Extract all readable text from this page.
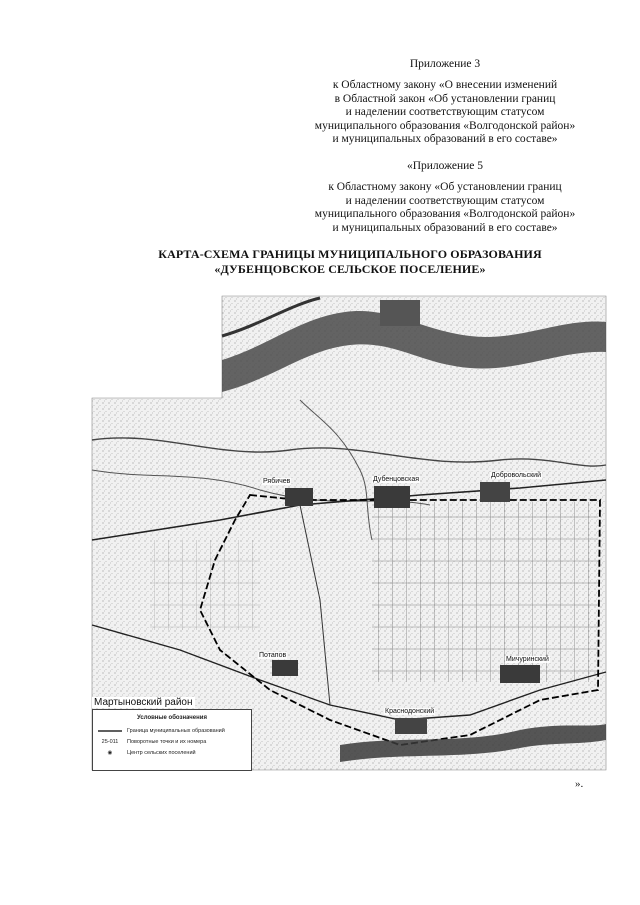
Приложение 3
к Областному закону «О внесении изменений
в Областной закон «Об установлении границ
и наделении соответствующим статусом
муниципального образования «Волгодонской район»
и муниципальных образований в его составе»
«Приложение 5
к Областному закону «Об установлении границ
и наделении соответствующим статусом
муниципального образования «Волгодонской район»
и муниципальных образований в его составе»
КАРТА-СХЕМА ГРАНИЦЫ МУНИЦИПАЛЬНОГО ОБРАЗОВАНИЯ
«ДУБЕНЦОВСКОЕ СЕЛЬСКОЕ ПОСЕЛЕНИЕ»
Рябичев	Дубенцовская
Добровольский
Потапов
Мичуринский
Краснодонский
Мартыновский район
Условные обозначения
Граница муниципальных образований
25-011	Поворотные точки и их номера
◉	Центр сельских поселений
».
